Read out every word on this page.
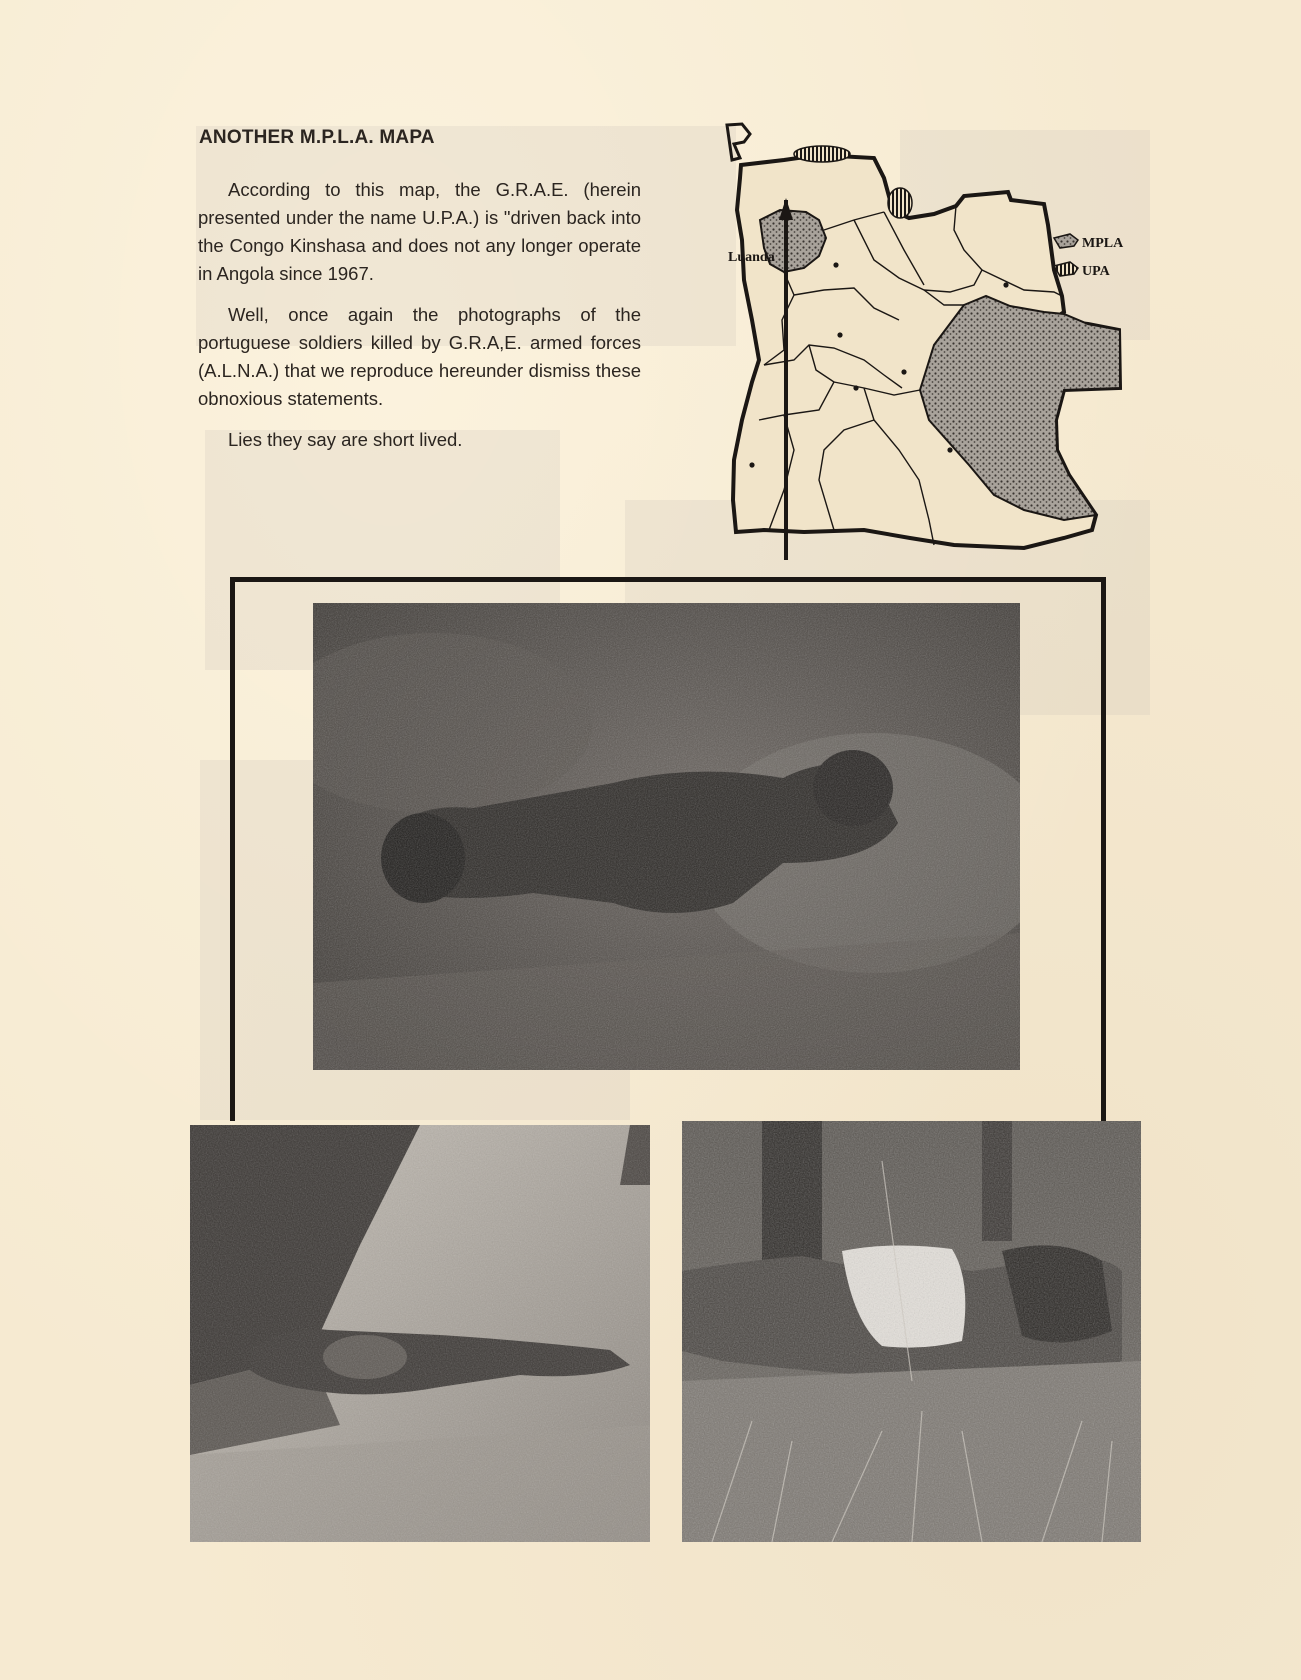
ANOTHER M.P.L.A. MAPA

According to this map, the G.R.A.E. (herein presented under the name U.P.A.) is "driven back into the Congo Kinshasa and does not any longer operate in Angola since 1967.

Well, once again the photographs of the portuguese soldiers killed by G.R.A,E. armed forces (A.L.N.A.) that we reproduce hereunder dismiss these obnoxious statements.

Lies they say are short lived.

Luanda
MPLA
UPA
